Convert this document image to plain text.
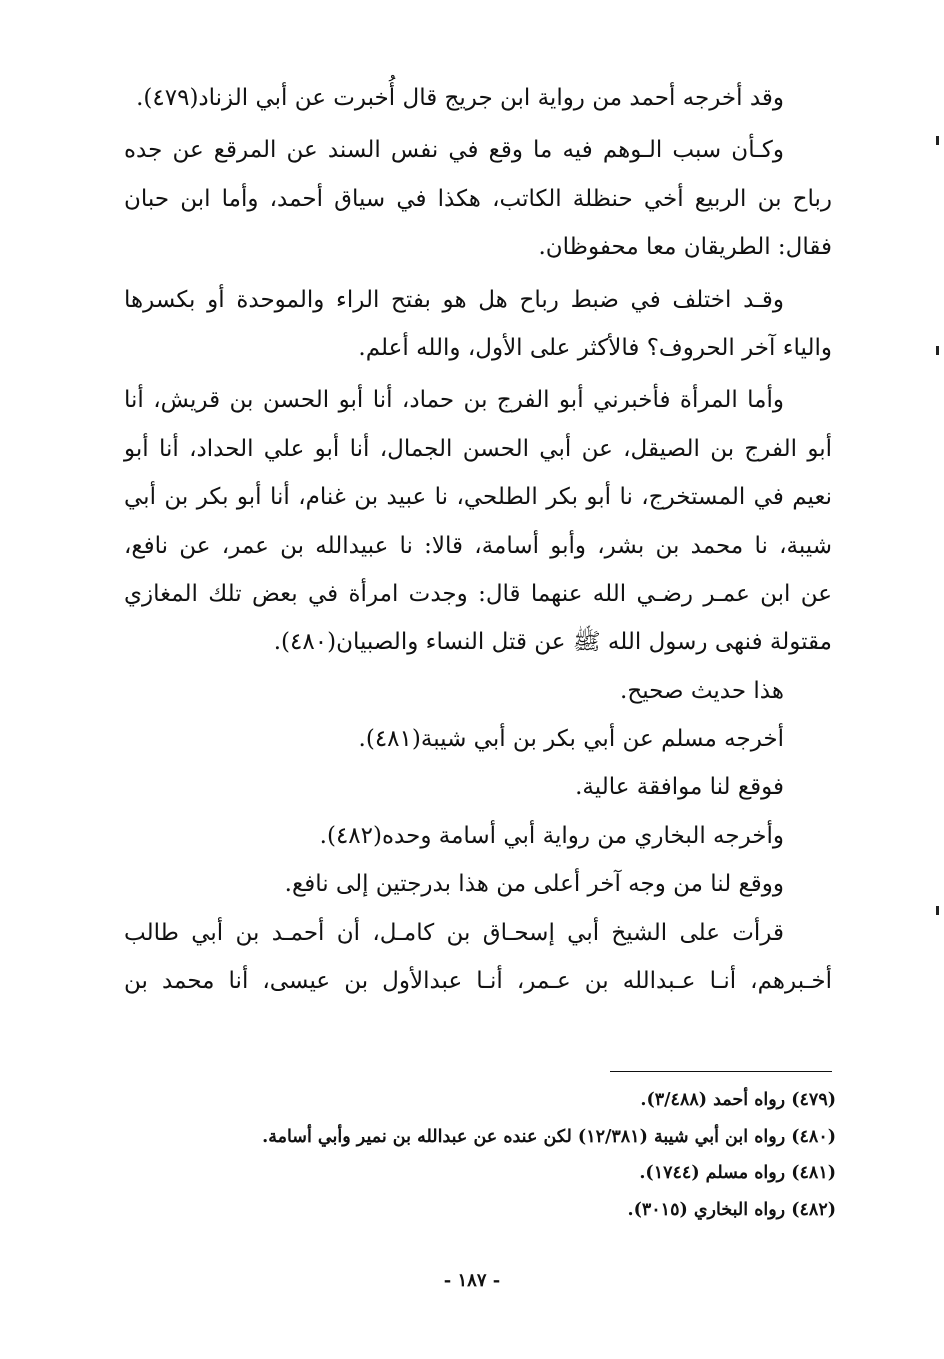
وقد أخرجه أحمد من رواية ابن جريج قال أُخبرت عن أبي الزناد(٤٧٩).
وكـأن سبب الـوهم فيه ما وقع في نفس السند عن المرقع عن جده
رباح بن الربيع أخي حنظلة الكاتب، هكذا في سياق أحمد، وأما ابن حبان
فقال: الطريقان معا محفوظان.
وقـد اختلف في ضبط رباح هل هو بفتح الراء والموحدة أو بكسرها
والياء آخر الحروف؟ فالأكثر على الأول، والله أعلم.
وأما المرأة فأخبرني أبو الفرج بن حماد، أنا أبو الحسن بن قريش، أنا
أبو الفرج بن الصيقل، عن أبي الحسن الجمال، أنا أبو علي الحداد، أنا أبو
نعيم في المستخرج، نا أبو بكر الطلحي، نا عبيد بن غنام، أنا أبو بكر بن أبي
شيبة، نا محمد بن بشر، وأبو أسامة، قالا: نا عبيدالله بن عمر، عن نافع،
عن ابن عمـر رضـي الله عنهما قال: وجدت امرأة في بعض تلك المغازي
مقتولة فنهى رسول الله ﷺ عن قتل النساء والصبيان(٤٨٠).
هذا حديث صحيح.
أخرجه مسلم عن أبي بكر بن أبي شيبة(٤٨١).
فوقع لنا موافقة عالية.
وأخرجه البخاري من رواية أبي أسامة وحده(٤٨٢).
ووقع لنا من وجه آخر أعلى من هذا بدرجتين إلى نافع.
قرأت على الشيخ أبي إسحـاق بن كامـل، أن أحمـد بن أبي طالب
أخـبرهم، أنـا عـبدالله بن عـمر، أنـا عبدالأول بن عيسى، أنا محمد بن
(٤٧٩) رواه أحمد (٣/٤٨٨).
(٤٨٠) رواه ابن أبي شيبة (١٢/٣٨١) لكن عنده عن عبدالله بن نمير وأبي أسامة.
(٤٨١) رواه مسلم (١٧٤٤).
(٤٨٢) رواه البخاري (٣٠١٥).
- ١٨٧ -
